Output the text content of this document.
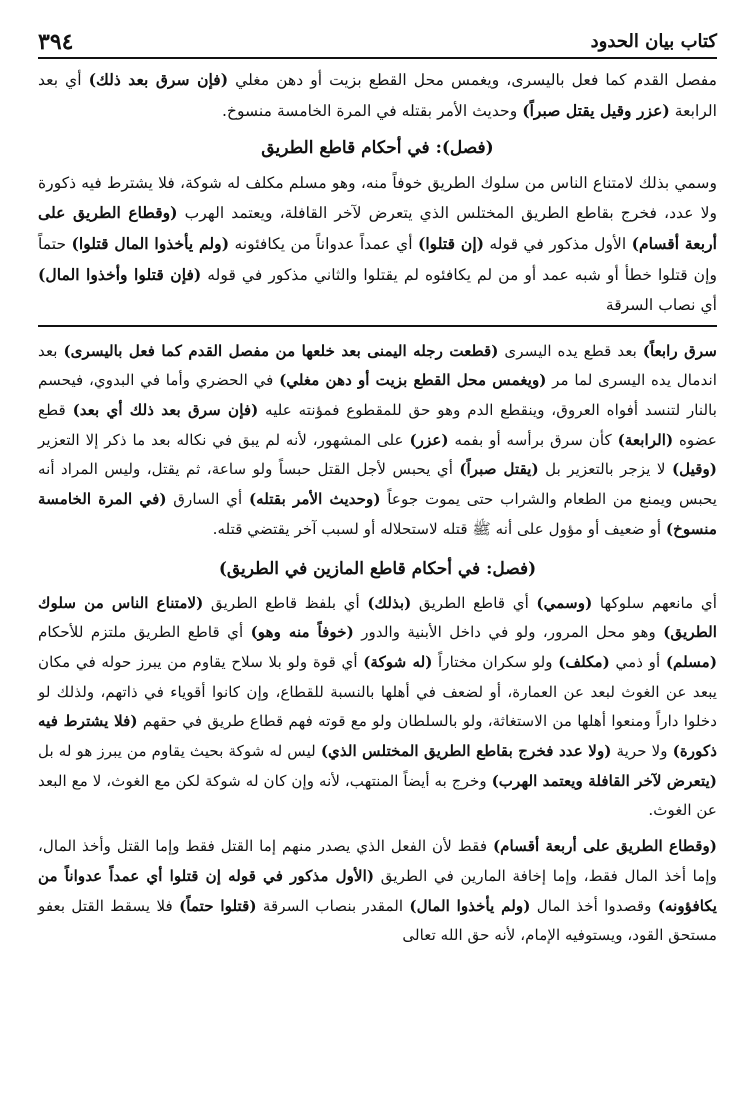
كتاب بيان الحدود
٣٩٤

مفصل القدم كما فعل باليسرى، ويغمس محل القطع بزيت أو دهن مغلي (فإن سرق بعد ذلك) أي بعد الرابعة (عزر وقيل يقتل صبراً) وحديث الأمر بقتله في المرة الخامسة منسوخ.

(فصل): في أحكام قاطع الطريق

وسمي بذلك لامتناع الناس من سلوك الطريق خوفاً منه، وهو مسلم مكلف له شوكة، فلا يشترط فيه ذكورة ولا عدد، فخرج بقاطع الطريق المختلس الذي يتعرض لآخر القافلة، ويعتمد الهرب (وقطاع الطريق على أربعة أقسام) الأول مذكور في قوله (إن قتلوا) أي عمداً عدواناً من يكافئونه (ولم يأخذوا المال قتلوا) حتماً وإن قتلوا خطأ أو شبه عمد أو من لم يكافئوه لم يقتلوا والثاني مذكور في قوله (فإن قتلوا وأخذوا المال) أي نصاب السرقة

سرق رابعاً) بعد قطع يده اليسرى (قطعت رجله اليمنى بعد خلعها من مفصل القدم كما فعل باليسرى) بعد اندمال يده اليسرى لما مر (ويغمس محل القطع بزيت أو دهن مغلي) في الحضري وأما في البدوي، فيحسم بالنار لتنسد أفواه العروق، وينقطع الدم وهو حق للمقطوع فمؤنته عليه (فإن سرق بعد ذلك أي بعد) قطع عضوه (الرابعة) كأن سرق برأسه أو بفمه (عزر) على المشهور، لأنه لم يبق في نكاله بعد ما ذكر إلا التعزير (وقيل) لا يزجر بالتعزير بل (يقتل صبراً) أي يحبس لأجل القتل حبساً ولو ساعة، ثم يقتل، وليس المراد أنه يحبس ويمنع من الطعام والشراب حتى يموت جوعاً (وحديث الأمر بقتله) أي السارق (في المرة الخامسة منسوخ) أو ضعيف أو مؤول على أنه ﷺ قتله لاستحلاله أو لسبب آخر يقتضي قتله.

(فصل: في أحكام قاطع المازين في الطريق)

أي مانعهم سلوكها (وسمي) أي قاطع الطريق (بذلك) أي بلفظ قاطع الطريق (لامتناع الناس من سلوك الطريق) وهو محل المرور، ولو في داخل الأبنية والدور (خوفاً منه وهو) أي قاطع الطريق ملتزم للأحكام (مسلم) أو ذمي (مكلف) ولو سكران مختاراً (له شوكة) أي قوة ولو بلا سلاح يقاوم من يبرز حوله في مكان يبعد عن الغوث لبعد عن العمارة، أو لضعف في أهلها بالنسبة للقطاع، وإن كانوا أقوياء في ذاتهم، ولذلك لو دخلوا داراً ومنعوا أهلها من الاستغاثة، ولو بالسلطان ولو مع قوته فهم قطاع طريق في حقهم (فلا يشترط فيه ذكورة) ولا حرية (ولا عدد فخرج بقاطع الطريق المختلس الذي) ليس له شوكة بحيث يقاوم من يبرز هو له بل (يتعرض لآخر القافلة ويعتمد الهرب) وخرج به أيضاً المنتهب، لأنه وإن كان له شوكة لكن مع الغوث، لا مع البعد عن الغوث.

(وقطاع الطريق على أربعة أقسام) فقط لأن الفعل الذي يصدر منهم إما القتل فقط وإما القتل وأخذ المال، وإما أخذ المال فقط، وإما إخافة المارين في الطريق (الأول مذكور في قوله إن قتلوا أي عمداً عدواناً من يكافؤونه) وقصدوا أخذ المال (ولم يأخذوا المال) المقدر بنصاب السرقة (قتلوا حتماً) فلا يسقط القتل بعفو مستحق القود، ويستوفيه الإمام، لأنه حق الله تعالى
